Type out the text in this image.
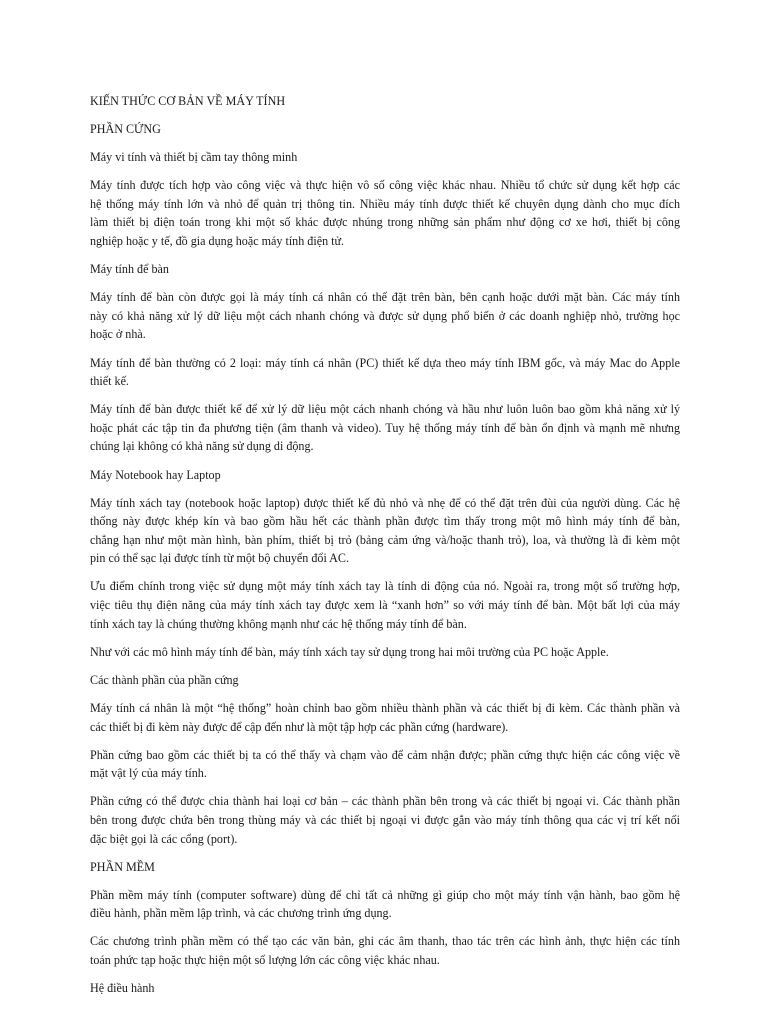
KIẾN THỨC CƠ BẢN VỀ MÁY TÍNH

PHẦN CỨNG

Máy vi tính và thiết bị cầm tay thông minh

Máy tính được tích hợp vào công việc và thực hiện vô số công việc khác nhau. Nhiều tổ chức sử dụng kết hợp các
hệ thống máy tính lớn và nhỏ để quản trị thông tin. Nhiều máy tính được thiết kế chuyên dụng dành cho mục đích
làm thiết bị điện toán trong khi một số khác được nhúng trong những sản phẩm như động cơ xe hơi, thiết bị công
nghiệp hoặc y tế, đồ gia dụng hoặc máy tính điện tử.

Máy tính để bàn

Máy tính để bàn còn được gọi là máy tính cá nhân có thể đặt trên bàn, bên cạnh hoặc dưới mặt bàn. Các máy tính
này có khả năng xử lý dữ liệu một cách nhanh chóng và được sử dụng phổ biến ở các doanh nghiệp nhỏ, trường học
hoặc ở nhà.

Máy tính để bàn thường có 2 loại: máy tính cá nhân (PC) thiết kế dựa theo máy tính IBM gốc, và máy Mac do Apple
thiết kế.

Máy tính để bàn được thiết kế để xử lý dữ liệu một cách nhanh chóng và hầu như luôn luôn bao gồm khả năng xử lý
hoặc phát các tập tin đa phương tiện (âm thanh và video). Tuy hệ thống máy tính để bàn ổn định và mạnh mẽ nhưng
chúng lại không có khả năng sử dụng di động.

Máy Notebook hay Laptop

Máy tính xách tay (notebook hoặc laptop) được thiết kế đủ nhỏ và nhẹ để có thể đặt trên đùi của người dùng. Các hệ
thống này được khép kín và bao gồm hầu hết các thành phần được tìm thấy trong một mô hình máy tính để bàn,
chẳng hạn như một màn hình, bàn phím, thiết bị trỏ (bảng cảm ứng và/hoặc thanh trỏ), loa, và thường là đi kèm một
pin có thể sạc lại được tính từ một bộ chuyển đổi AC.

Ưu điểm chính trong việc sử dụng một máy tính xách tay là tính di động của nó. Ngoài ra, trong một số trường hợp,
việc tiêu thụ điện năng của máy tính xách tay được xem là “xanh hơn” so với máy tính để bàn. Một bất lợi của máy
tính xách tay là chúng thường không mạnh như các hệ thống máy tính để bàn.

Như với các mô hình máy tính để bàn, máy tính xách tay sử dụng trong hai môi trường của PC hoặc Apple.

Các thành phần của phần cứng

Máy tính cá nhân là một “hệ thống” hoàn chỉnh bao gồm nhiều thành phần và các thiết bị đi kèm. Các thành phần và
các thiết bị đi kèm này được để cập đến như là một tập hợp các phần cứng (hardware).

Phần cứng bao gồm các thiết bị ta có thể thấy và chạm vào để cảm nhận được; phần cứng thực hiện các công việc về
mặt vật lý của máy tính.

Phần cứng có thể được chia thành hai loại cơ bản – các thành phần bên trong và các thiết bị ngoại vi. Các thành phần
bên trong được chứa bên trong thùng máy và các thiết bị ngoại vi được gắn vào máy tính thông qua các vị trí kết nối
đặc biệt gọi là các cổng (port).

PHẦN MỀM

Phần mềm máy tính (computer software) dùng để chỉ tất cả những gì giúp cho một máy tính vận hành, bao gồm hệ
điều hành, phần mềm lập trình, và các chương trình ứng dụng.

Các chương trình phần mềm có thể tạo các văn bản, ghi các âm thanh, thao tác trên các hình ảnh, thực hiện các tính
toán phức tạp hoặc thực hiện một số lượng lớn các công việc khác nhau.

Hệ điều hành
